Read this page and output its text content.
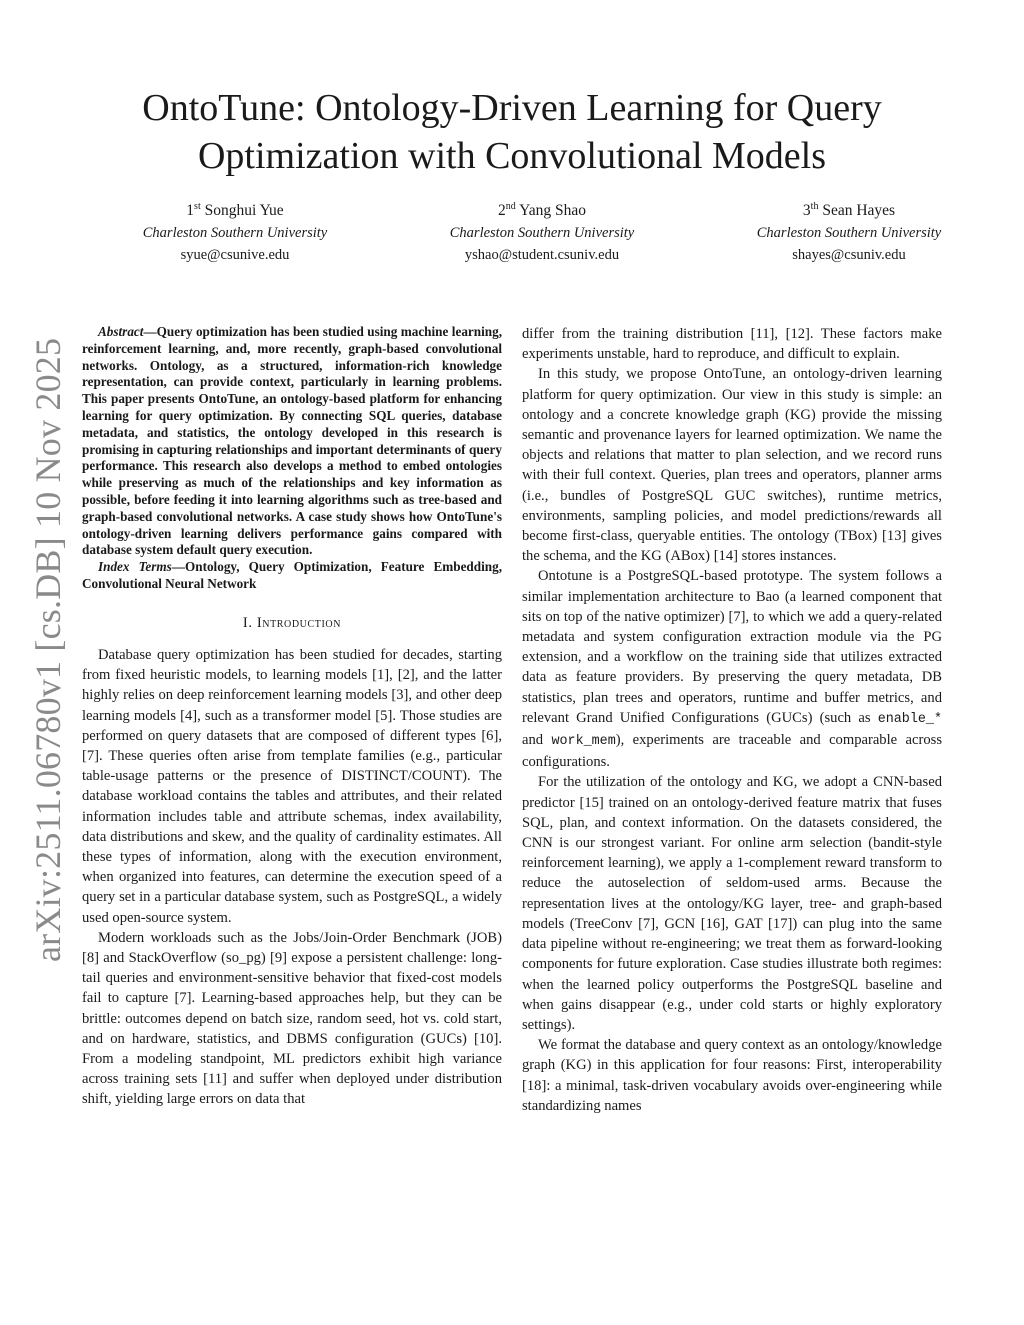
arXiv:2511.06780v1 [cs.DB] 10 Nov 2025
OntoTune: Ontology-Driven Learning for Query
Optimization with Convolutional Models
1st Songhui Yue
Charleston Southern University
syue@csunive.edu
2nd Yang Shao
Charleston Southern University
yshao@student.csuniv.edu
3th Sean Hayes
Charleston Southern University
shayes@csuniv.edu

Abstract—Query optimization has been studied using machine learning, reinforcement learning, and, more recently, graph-based convolutional networks. Ontology, as a structured, information-rich knowledge representation, can provide context, particularly in learning problems. This paper presents OntoTune, an ontology-based platform for enhancing learning for query optimization. By connecting SQL queries, database metadata, and statistics, the ontology developed in this research is promising in capturing relationships and important determinants of query performance. This research also develops a method to embed ontologies while preserving as much of the relationships and key information as possible, before feeding it into learning algorithms such as tree-based and graph-based convolutional networks. A case study shows how OntoTune's ontology-driven learning delivers performance gains compared with database system default query execution.

Index Terms—Ontology, Query Optimization, Feature Embedding, Convolutional Neural Network

I. Introduction

Database query optimization has been studied for decades, starting from fixed heuristic models, to learning models [1], [2], and the latter highly relies on deep reinforcement learning models [3], and other deep learning models [4], such as a transformer model [5]. Those studies are performed on query datasets that are composed of different types [6], [7]. These queries often arise from template families (e.g., particular table-usage patterns or the presence of DISTINCT/COUNT). The database workload contains the tables and attributes, and their related information includes table and attribute schemas, index availability, data distributions and skew, and the quality of cardinality estimates. All these types of information, along with the execution environment, when organized into features, can determine the execution speed of a query set in a particular database system, such as PostgreSQL, a widely used open-source system.

Modern workloads such as the Jobs/Join-Order Benchmark (JOB) [8] and StackOverflow (so_pg) [9] expose a persistent challenge: long-tail queries and environment-sensitive behavior that fixed-cost models fail to capture [7]. Learning-based approaches help, but they can be brittle: outcomes depend on batch size, random seed, hot vs. cold start, and on hardware, statistics, and DBMS configuration (GUCs) [10]. From a modeling standpoint, ML predictors exhibit high variance across training sets [11] and suffer when deployed under distribution shift, yielding large errors on data that

differ from the training distribution [11], [12]. These factors make experiments unstable, hard to reproduce, and difficult to explain.

In this study, we propose OntoTune, an ontology-driven learning platform for query optimization. Our view in this study is simple: an ontology and a concrete knowledge graph (KG) provide the missing semantic and provenance layers for learned optimization. We name the objects and relations that matter to plan selection, and we record runs with their full context. Queries, plan trees and operators, planner arms (i.e., bundles of PostgreSQL GUC switches), runtime metrics, environments, sampling policies, and model predictions/rewards all become first-class, queryable entities. The ontology (TBox) [13] gives the schema, and the KG (ABox) [14] stores instances.

Ontotune is a PostgreSQL-based prototype. The system follows a similar implementation architecture to Bao (a learned component that sits on top of the native optimizer) [7], to which we add a query-related metadata and system configuration extraction module via the PG extension, and a workflow on the training side that utilizes extracted data as feature providers. By preserving the query metadata, DB statistics, plan trees and operators, runtime and buffer metrics, and relevant Grand Unified Configurations (GUCs) (such as enable_* and work_mem), experiments are traceable and comparable across configurations.

For the utilization of the ontology and KG, we adopt a CNN-based predictor [15] trained on an ontology-derived feature matrix that fuses SQL, plan, and context information. On the datasets considered, the CNN is our strongest variant. For online arm selection (bandit-style reinforcement learning), we apply a 1-complement reward transform to reduce the autoselection of seldom-used arms. Because the representation lives at the ontology/KG layer, tree- and graph-based models (TreeConv [7], GCN [16], GAT [17]) can plug into the same data pipeline without re-engineering; we treat them as forward-looking components for future exploration. Case studies illustrate both regimes: when the learned policy outperforms the PostgreSQL baseline and when gains disappear (e.g., under cold starts or highly exploratory settings).

We format the database and query context as an ontology/knowledge graph (KG) in this application for four reasons: First, interoperability [18]: a minimal, task-driven vocabulary avoids over-engineering while standardizing names
